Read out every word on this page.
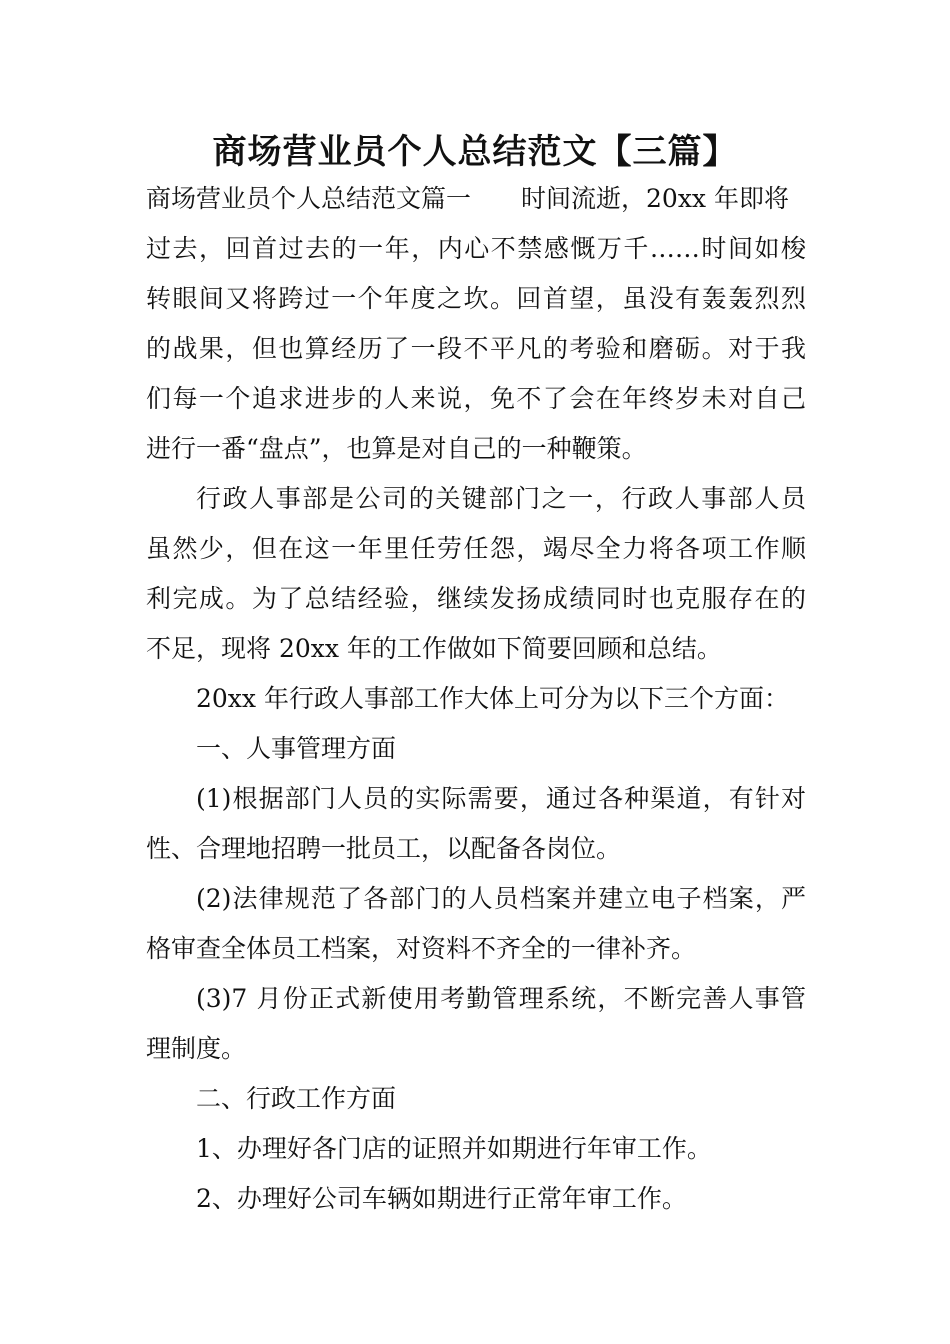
商场营业员个人总结范文【三篇】
商场营业员个人总结范文篇一 时间流逝，20xx 年即将
过去，回首过去的一年，内心不禁感慨万千……时间如梭
转眼间又将跨过一个年度之坎。回首望，虽没有轰轰烈烈
的战果，但也算经历了一段不平凡的考验和磨砺。对于我
们每一个追求进步的人来说，免不了会在年终岁未对自己
进行一番“盘点”，也算是对自己的一种鞭策。
行政人事部是公司的关键部门之一，行政人事部人员
虽然少，但在这一年里任劳任怨，竭尽全力将各项工作顺
利完成。为了总结经验，继续发扬成绩同时也克服存在的
不足，现将 20xx 年的工作做如下简要回顾和总结。
20xx 年行政人事部工作大体上可分为以下三个方面：
一、人事管理方面
(1)根据部门人员的实际需要，通过各种渠道，有针对
性、合理地招聘一批员工，以配备各岗位。
(2)法律规范了各部门的人员档案并建立电子档案，严
格审查全体员工档案，对资料不齐全的一律补齐。
(3)7 月份正式新使用考勤管理系统，不断完善人事管
理制度。
二、行政工作方面
1、办理好各门店的证照并如期进行年审工作。
2、办理好公司车辆如期进行正常年审工作。
